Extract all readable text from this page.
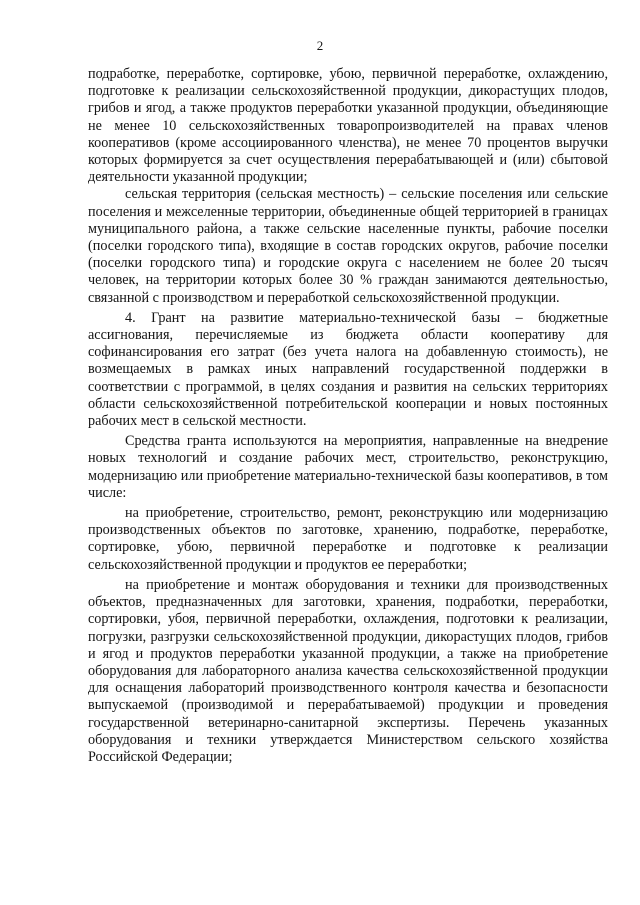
2

подработке, переработке, сортировке, убою, первичной переработке, охлаждению, подготовке к реализации сельскохозяйственной продукции, дикорастущих плодов, грибов и ягод, а также продуктов переработки указанной продукции, объединяющие не менее 10 сельскохозяйственных товаропроизводителей на правах членов кооперативов (кроме ассоциированного членства), не менее 70 процентов выручки которых формируется за счет осуществления перерабатывающей и (или) сбытовой деятельности указанной продукции;

сельская территория (сельская местность) – сельские поселения или сельские поселения и межселенные территории, объединенные общей территорией в границах муниципального района, а также сельские населенные пункты, рабочие поселки (поселки городского типа), входящие в состав городских округов, рабочие поселки (поселки городского типа) и городские округа с населением не более 20 тысяч человек, на территории которых более 30 % граждан занимаются деятельностью, связанной с производством и переработкой сельскохозяйственной продукции.

4. Грант на развитие материально-технической базы – бюджетные ассигнования, перечисляемые из бюджета области кооперативу для софинансирования его затрат (без учета налога на добавленную стоимость), не возмещаемых в рамках иных направлений государственной поддержки в соответствии с программой, в целях создания и развития на сельских территориях области сельскохозяйственной потребительской кооперации и новых постоянных рабочих мест в сельской местности.

Средства гранта используются на мероприятия, направленные на внедрение новых технологий и создание рабочих мест, строительство, реконструкцию, модернизацию или приобретение материально-технической базы кооперативов, в том числе:

на приобретение, строительство, ремонт, реконструкцию или модернизацию производственных объектов по заготовке, хранению, подработке, переработке, сортировке, убою, первичной переработке и подготовке к реализации сельскохозяйственной продукции и продуктов ее переработки;

на приобретение и монтаж оборудования и техники для производственных объектов, предназначенных для заготовки, хранения, подработки, переработки, сортировки, убоя, первичной переработки, охлаждения, подготовки к реализации, погрузки, разгрузки сельскохозяйственной продукции, дикорастущих плодов, грибов и ягод и продуктов переработки указанной продукции, а также на приобретение оборудования для лабораторного анализа качества сельскохозяйственной продукции для оснащения лабораторий производственного контроля качества и безопасности выпускаемой (производимой и перерабатываемой) продукции и проведения государственной ветеринарно-санитарной экспертизы. Перечень указанных оборудования и техники утверждается Министерством сельского хозяйства Российской Федерации;
